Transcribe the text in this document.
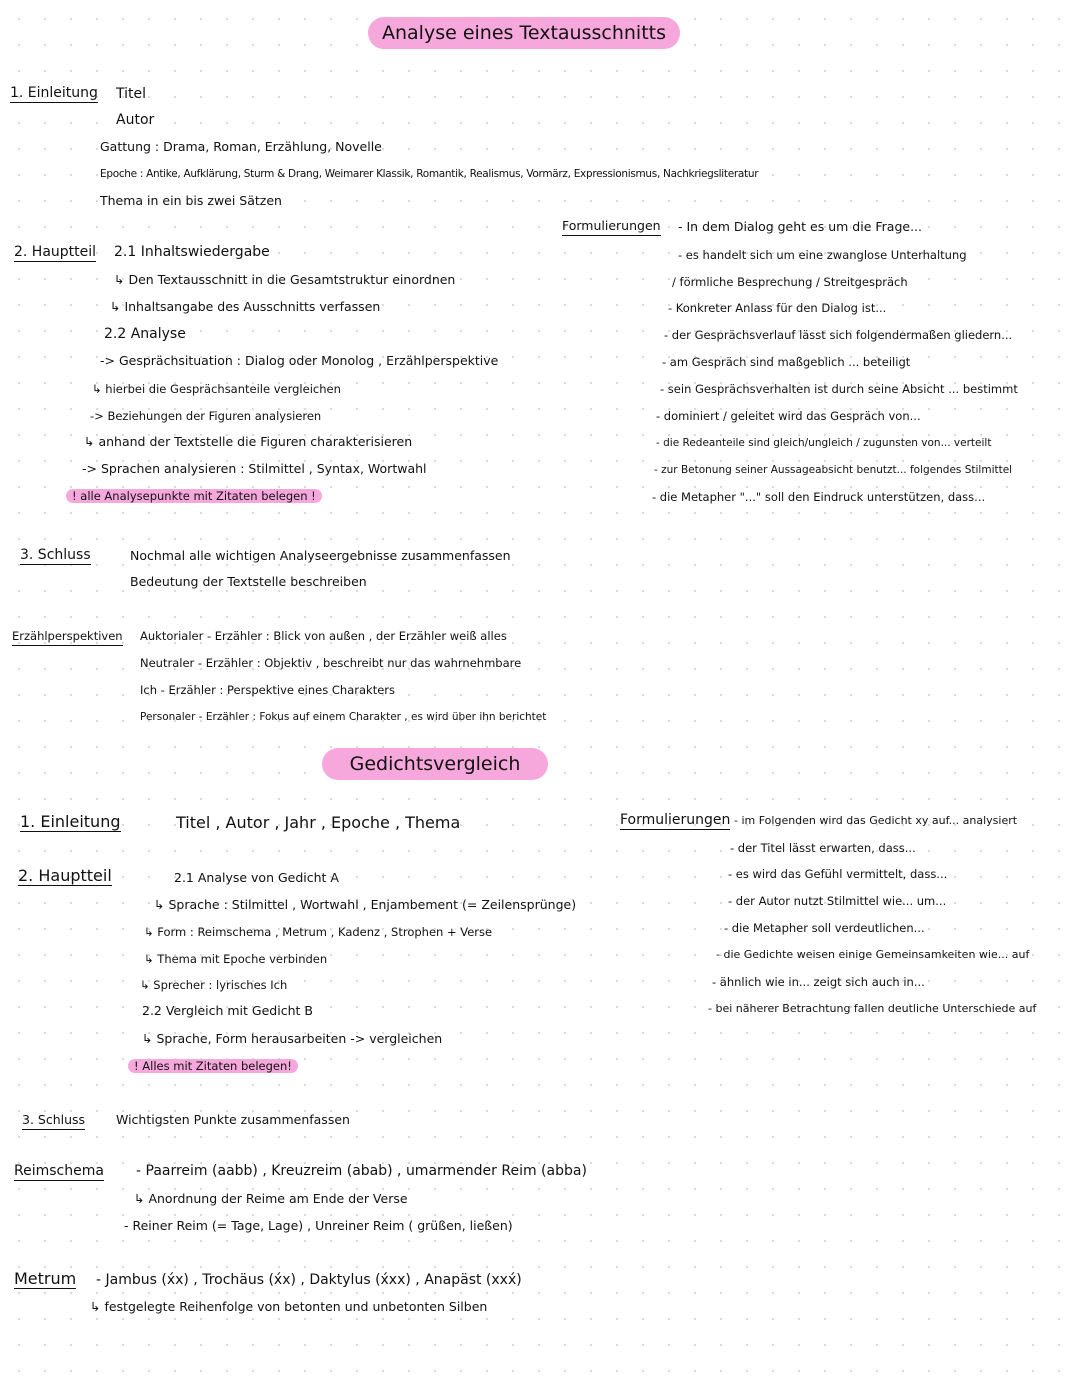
Analyse eines Textausschnitts
1. Einleitung Titel
Autor
Gattung : Drama, Roman, Erzählung, Novelle
Epoche : Antike, Aufklärung, Sturm & Drang, Weimarer Klassik, Romantik, Realismus, Vormärz, Expressionismus, Nachkriegsliteratur
Thema in ein bis zwei Sätzen
2. Hauptteil 2.1 Inhaltswiedergabe
↳ Den Textausschnitt in die Gesamtstruktur einordnen
↳ Inhaltsangabe des Ausschnitts verfassen
2.2 Analyse
-> Gesprächsituation : Dialog oder Monolog , Erzählperspektive
↳ hierbei die Gesprächsanteile vergleichen
-> Beziehungen der Figuren analysieren
↳ anhand der Textstelle die Figuren charakterisieren
-> Sprachen analysieren : Stilmittel , Syntax, Wortwahl
! alle Analysepunkte mit Zitaten belegen !
Formulierungen - In dem Dialog geht es um die Frage...
- es handelt sich um eine zwanglose Unterhaltung
/ förmliche Besprechung / Streitgespräch
- Konkreter Anlass für den Dialog ist...
- der Gesprächsverlauf lässt sich folgendermaßen gliedern...
- am Gespräch sind maßgeblich ... beteiligt
- sein Gesprächsverhalten ist durch seine Absicht ... bestimmt
- dominiert / geleitet wird das Gespräch von...
- die Redeanteile sind gleich/ungleich / zugunsten von... verteilt
- zur Betonung seiner Aussageabsicht benutzt... folgendes Stilmittel
- die Metapher "..." soll den Eindruck unterstützen, dass...
3. Schluss	Nochmal alle wichtigen Analyseergebnisse zusammenfassen
Bedeutung der Textstelle beschreiben
Erzählperspektiven Auktorialer - Erzähler : Blick von außen , der Erzähler weiß alles
Neutraler - Erzähler : Objektiv , beschreibt nur das wahrnehmbare
Ich - Erzähler : Perspektive eines Charakters
Personaler - Erzähler : Fokus auf einem Charakter , es wird über ihn berichtet
Gedichtsvergleich
1. Einleitung	Titel , Autor , Jahr , Epoche , Thema
2. Hauptteil	2.1 Analyse von Gedicht A
↳ Sprache : Stilmittel , Wortwahl , Enjambement (= Zeilensprünge)
↳ Form : Reimschema , Metrum , Kadenz , Strophen + Verse
↳ Thema mit Epoche verbinden
↳ Sprecher : lyrisches Ich
2.2 Vergleich mit Gedicht B
↳ Sprache, Form herausarbeiten -> vergleichen
! Alles mit Zitaten belegen!
Formulierungen - im Folgenden wird das Gedicht xy auf... analysiert
- der Titel lässt erwarten, dass...
- es wird das Gefühl vermittelt, dass...
- der Autor nutzt Stilmittel wie... um...
- die Metapher soll verdeutlichen...
- die Gedichte weisen einige Gemeinsamkeiten wie... auf
- ähnlich wie in... zeigt sich auch in...
- bei näherer Betrachtung fallen deutliche Unterschiede auf
3. Schluss Wichtigsten Punkte zusammenfassen
Reimschema - Paarreim (aabb) , Kreuzreim (abab) , umarmender Reim (abba)
↳ Anordnung der Reime am Ende der Verse
- Reiner Reim (= Tage, Lage) , Unreiner Reim ( grüßen, ließen)
Metrum - Jambus (x́x) , Trochäus (x́x) , Daktylus (x́xx) , Anapäst (xxx́)
↳ festgelegte Reihenfolge von betonten und unbetonten Silben
